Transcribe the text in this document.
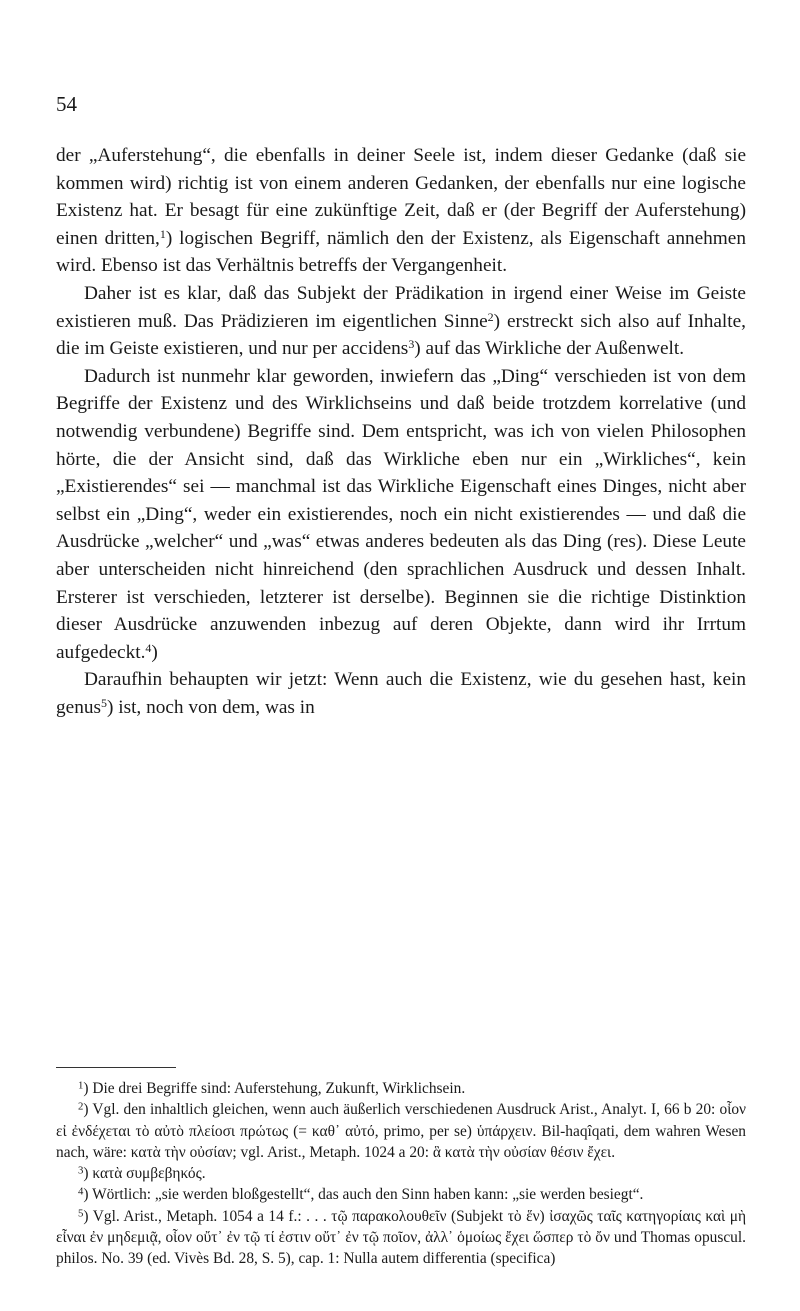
54

der „Auferstehung“, die ebenfalls in deiner Seele ist, indem dieser Gedanke (daß sie kommen wird) richtig ist von einem anderen Gedanken, der ebenfalls nur eine logische Existenz hat. Er besagt für eine zukünftige Zeit, daß er (der Begriff der Auferstehung) einen dritten,$^1$) logischen Begriff, nämlich den der Existenz, als Eigenschaft annehmen wird. Ebenso ist das Verhältnis betreffs der Vergangenheit.

Daher ist es klar, daß das Subjekt der Prädikation in irgend einer Weise im Geiste existieren muß. Das Prädizieren im eigentlichen Sinne$^2$) erstreckt sich also auf Inhalte, die im Geiste existieren, und nur per accidens$^3$) auf das Wirkliche der Außenwelt.

Dadurch ist nunmehr klar geworden, inwiefern das „Ding“ verschieden ist von dem Begriffe der Existenz und des Wirklichseins und daß beide trotzdem korrelative (und notwendig verbundene) Begriffe sind. Dem entspricht, was ich von vielen Philosophen hörte, die der Ansicht sind, daß das Wirkliche eben nur ein „Wirkliches“, kein „Existierendes“ sei — manchmal ist das Wirkliche Eigenschaft eines Dinges, nicht aber selbst ein „Ding“, weder ein existierendes, noch ein nicht existierendes — und daß die Ausdrücke „welcher“ und „was“ etwas anderes bedeuten als das Ding (res). Diese Leute aber unterscheiden nicht hinreichend (den sprachlichen Ausdruck und dessen Inhalt. Ersterer ist verschieden, letzterer ist derselbe). Beginnen sie die richtige Distinktion dieser Ausdrücke anzuwenden inbezug auf deren Objekte, dann wird ihr Irrtum aufgedeckt.$^4$)

Daraufhin behaupten wir jetzt: Wenn auch die Existenz, wie du gesehen hast, kein genus$^5$) ist, noch von dem, was in

$^1$) Die drei Begriffe sind: Auferstehung, Zukunft, Wirklichsein.

$^2$) Vgl. den inhaltlich gleichen, wenn auch äußerlich verschiedenen Ausdruck Arist., Analyt. I, 66 b 20: οἷον εἰ ἐνδέχεται τὸ αὐτὸ πλείοσι πρώτως (= καθ᾽ αὐτό, primo, per se) ὑπάρχειν. Bil-haqîqati, dem wahren Wesen nach, wäre: κατὰ τὴν οὐσίαν; vgl. Arist., Metaph. 1024 a 20: ἃ κατὰ τὴν οὐσίαν θέσιν ἔχει.

$^3$) κατὰ συμβεβηκός.

$^4$) Wörtlich: „sie werden bloßgestellt“, das auch den Sinn haben kann: „sie werden besiegt“.

$^5$) Vgl. Arist., Metaph. 1054 a 14 f.: . . . τῷ παρακολουθεῖν (Subjekt τὸ ἕν) ἰσαχῶς ταῖς κατηγορίαις καὶ μὴ εἶναι ἐν μηδεμιᾷ, οἷον οὔτ᾽ ἐν τῷ τί ἐστιν οὔτ᾽ ἐν τῷ ποῖον, ἀλλ᾽ ὁμοίως ἔχει ὥσπερ τὸ ὄν und Thomas opuscul. philos. No. 39 (ed. Vivès Bd. 28, S. 5), cap. 1: Nulla autem differentia (specifica)
